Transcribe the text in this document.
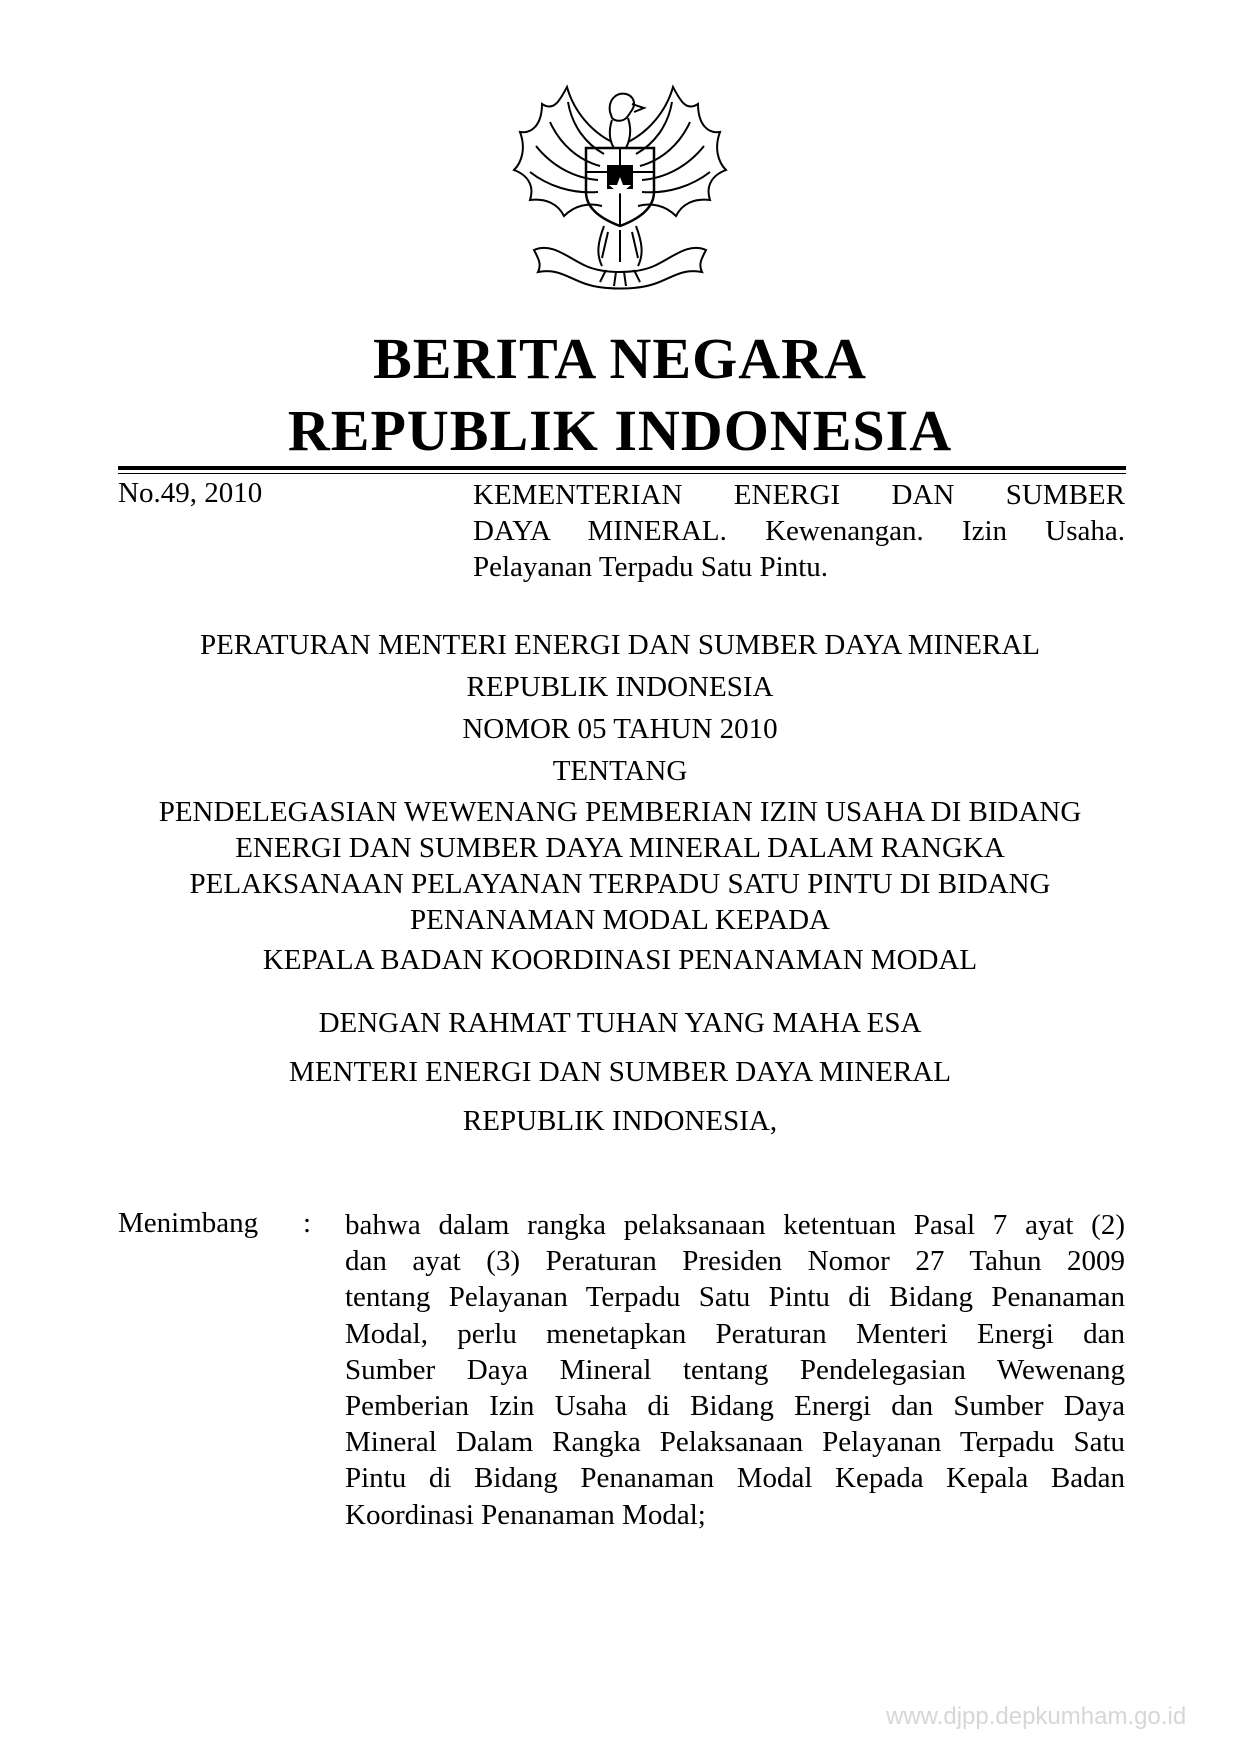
BERITA NEGARA
REPUBLIK INDONESIA
No.49, 2010	KEMENTERIAN ENERGI DAN SUMBER
DAYA MINERAL. Kewenangan. Izin Usaha.
Pelayanan Terpadu Satu Pintu.
PERATURAN MENTERI ENERGI DAN SUMBER DAYA MINERAL
REPUBLIK INDONESIA
NOMOR 05 TAHUN 2010
TENTANG
PENDELEGASIAN WEWENANG PEMBERIAN IZIN USAHA DI BIDANG
ENERGI DAN SUMBER DAYA MINERAL DALAM RANGKA
PELAKSANAAN PELAYANAN TERPADU SATU PINTU DI BIDANG
PENANAMAN MODAL KEPADA
KEPALA BADAN KOORDINASI PENANAMAN MODAL
DENGAN RAHMAT TUHAN YANG MAHA ESA
MENTERI ENERGI DAN SUMBER DAYA MINERAL
REPUBLIK INDONESIA,
Menimbang : bahwa dalam rangka pelaksanaan ketentuan Pasal 7 ayat (2)
dan ayat (3) Peraturan Presiden Nomor 27 Tahun 2009
tentang Pelayanan Terpadu Satu Pintu di Bidang Penanaman
Modal, perlu menetapkan Peraturan Menteri Energi dan
Sumber Daya Mineral tentang Pendelegasian Wewenang
Pemberian Izin Usaha di Bidang Energi dan Sumber Daya
Mineral Dalam Rangka Pelaksanaan Pelayanan Terpadu Satu
Pintu di Bidang Penanaman Modal Kepada Kepala Badan
Koordinasi Penanaman Modal;
www.djpp.depkumham.go.id
